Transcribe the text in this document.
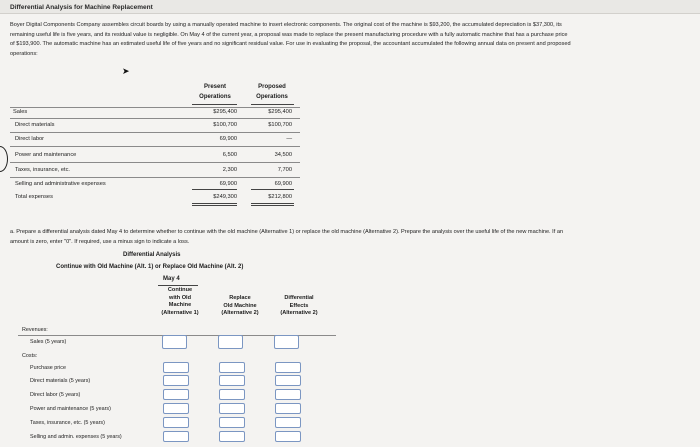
Differential Analysis for Machine Replacement
Boyer Digital Components Company assembles circuit boards by using a manually operated machine to insert electronic components. The original cost of the machine is $93,200, the accumulated depreciation is $37,300, its
remaining useful life is five years, and its residual value is negligible. On May 4 of the current year, a proposal was made to replace the present manufacturing procedure with a fully automatic machine that has a purchase price
of $193,900. The automatic machine has an estimated useful life of five years and no significant residual value. For use in evaluating the proposal, the accountant accumulated the following annual data on present and proposed
operations:
➤
Present
Operations
Proposed
Operations
Sales	$295,400	$295,400
Direct materials	$100,700	$100,700
Direct labor	69,900	—
Power and maintenance	6,500	34,500
Taxes, insurance, etc.	2,300	7,700
Selling and administrative expenses	69,900	69,900
Total expenses	$249,300	$212,800
a. Prepare a differential analysis dated May 4 to determine whether to continue with the old machine (Alternative 1) or replace the old machine (Alternative 2). Prepare the analysis over the useful life of the new machine. If an
amount is zero, enter "0". If required, use a minus sign to indicate a loss.
Differential Analysis
Continue with Old Machine (Alt. 1) or Replace Old Machine (Alt. 2)
May 4
Continue
with Old
Machine
(Alternative 1)
Replace
Old Machine
(Alternative 2)
Differential
Effects
(Alternative 2)
Revenues:
Sales (5 years)
Costs:
Purchase price
Direct materials (5 years)
Direct labor (5 years)
Power and maintenance (5 years)
Taxes, insurance, etc. (5 years)
Selling and admin. expenses (5 years)
